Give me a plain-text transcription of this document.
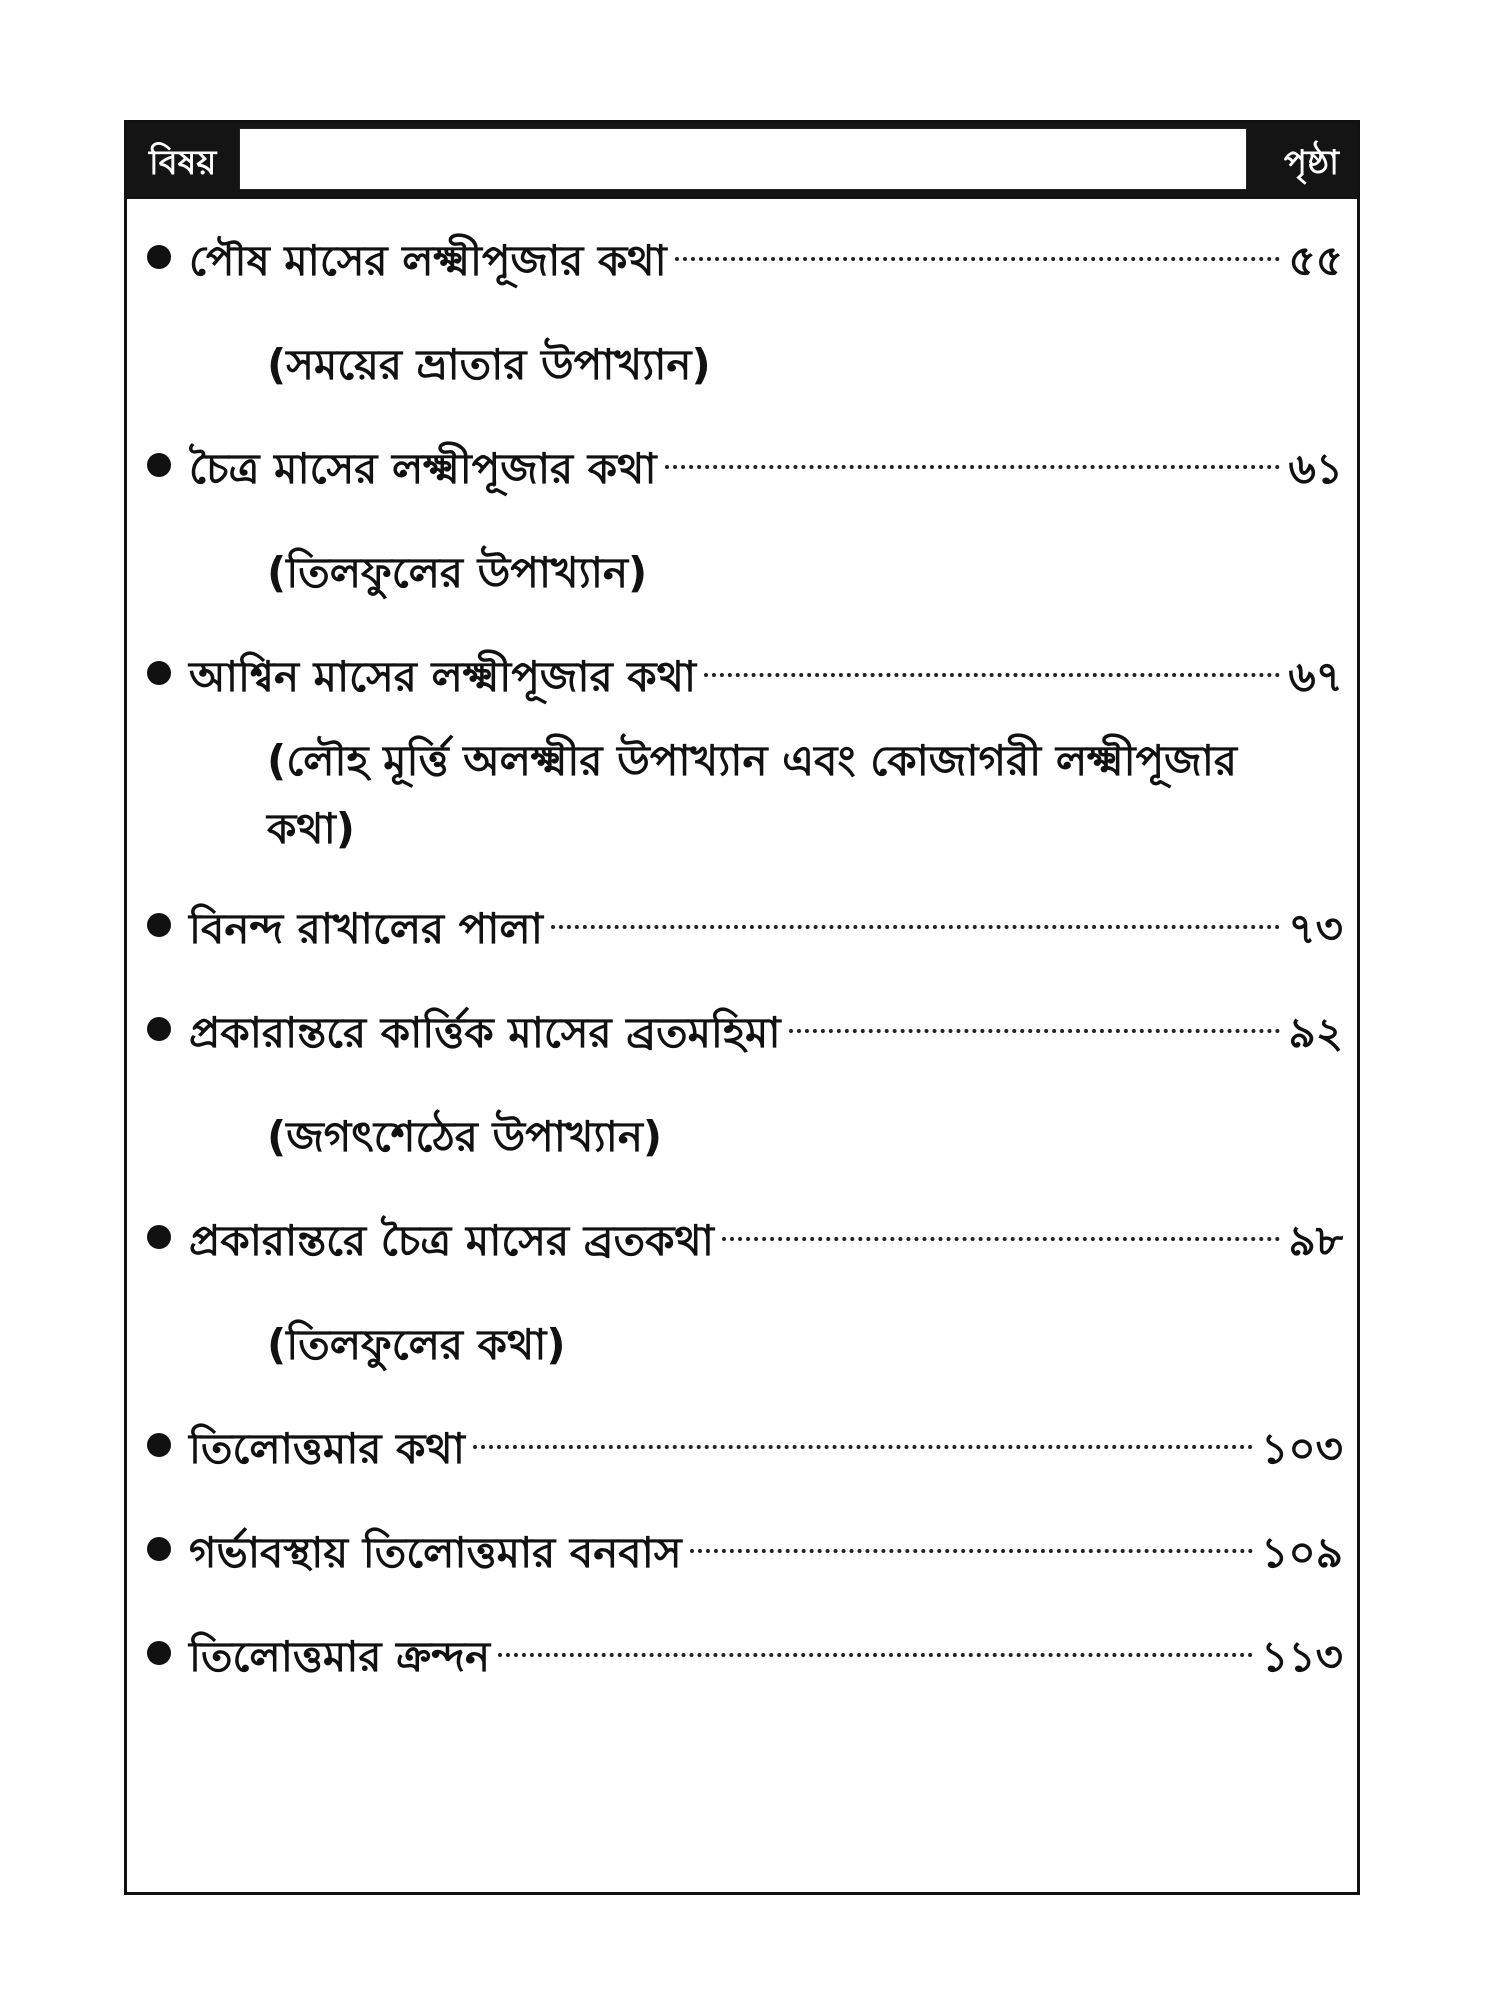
বিষয়	পৃষ্ঠা
পৌষ মাসের লক্ষ্মীপূজার কথা	৫৫
(সময়ের ভ্রাতার উপাখ্যান)
চৈত্র মাসের লক্ষ্মীপূজার কথা	৬১
(তিলফুলের উপাখ্যান)
আশ্বিন মাসের লক্ষ্মীপূজার কথা	৬৭
(লৌহ মূর্ত্তি অলক্ষ্মীর উপাখ্যান এবং কোজাগরী লক্ষ্মীপূজার কথা)
বিনন্দ রাখালের পালা	৭৩
প্রকারান্তরে কার্ত্তিক মাসের ব্রতমহিমা	৯২
(জগৎশেঠের উপাখ্যান)
প্রকারান্তরে চৈত্র মাসের ব্রতকথা	৯৮
(তিলফুলের কথা)
তিলোত্তমার কথা	১০৩
গর্ভাবস্থায় তিলোত্তমার বনবাস	১০৯
তিলোত্তমার ক্রন্দন	১১৩
